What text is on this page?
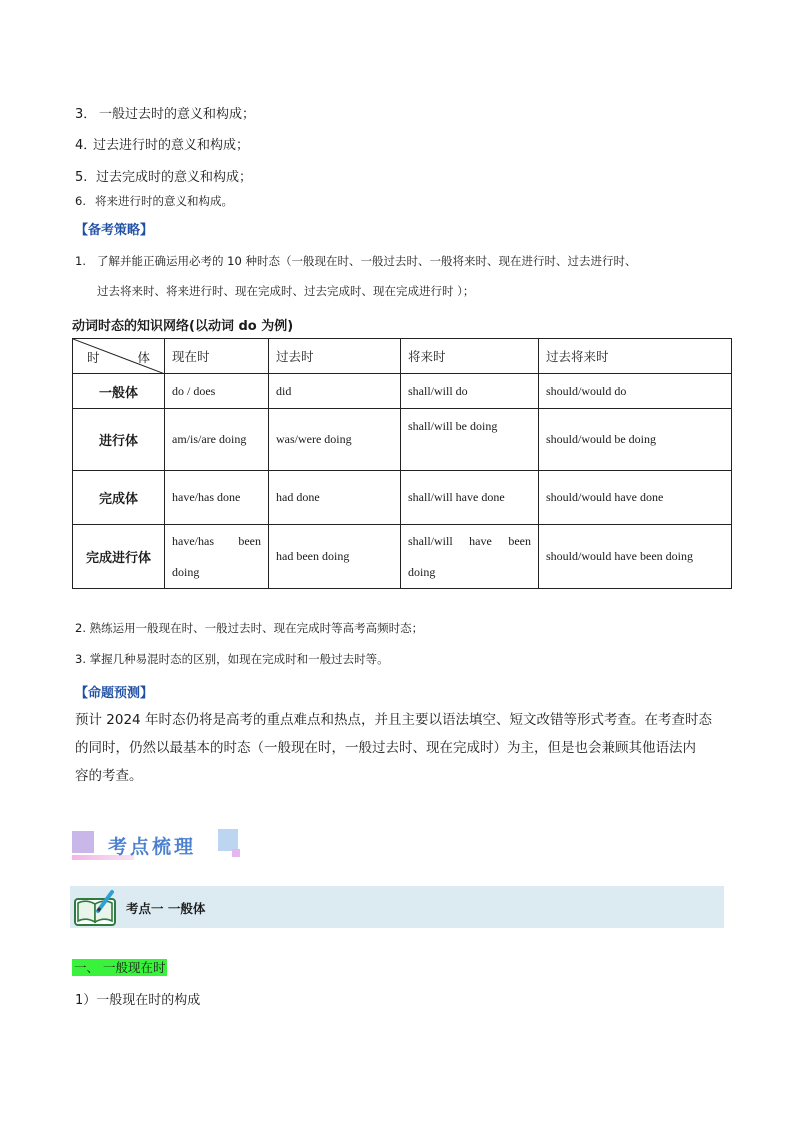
3． 一般过去时的意义和构成；
4．过去进行时的意义和构成；
5. 过去完成时的意义和构成；
6. 将来进行时的意义和构成。
【备考策略】
1. 了解并能正确运用必考的 10 种时态（一般现在时、一般过去时、一般将来时、现在进行时、过去进行时、
过去将来时、将来进行时、现在完成时、过去完成时、现在完成进行时 ）；
动词时态的知识网络(以动词 do 为例)
时 体	现在时	过去时	将来时	过去将来时
一般体	do / does	did	shall/will do	should/would do
进行体	am/is/are doing	was/were doing	shall/will be doing	should/would be doing
完成体	have/has done	had done	shall/will have done	should/would have done
完成进行体	have/has been doing	had been doing	shall/will have been doing	should/would have been doing
2. 熟练运用一般现在时、一般过去时、现在完成时等高考高频时态；
3. 掌握几种易混时态的区别，如现在完成时和一般过去时等。
【命题预测】
预计 2024 年时态仍将是高考的重点难点和热点，并且主要以语法填空、短文改错等形式考查。在考查时态
的同时，仍然以最基本的时态（一般现在时，一般过去时、现在完成时）为主，但是也会兼顾其他语法内
容的考查。
考点梳理
考点一 一般体
一、 一般现在时
1）一般现在时的构成
